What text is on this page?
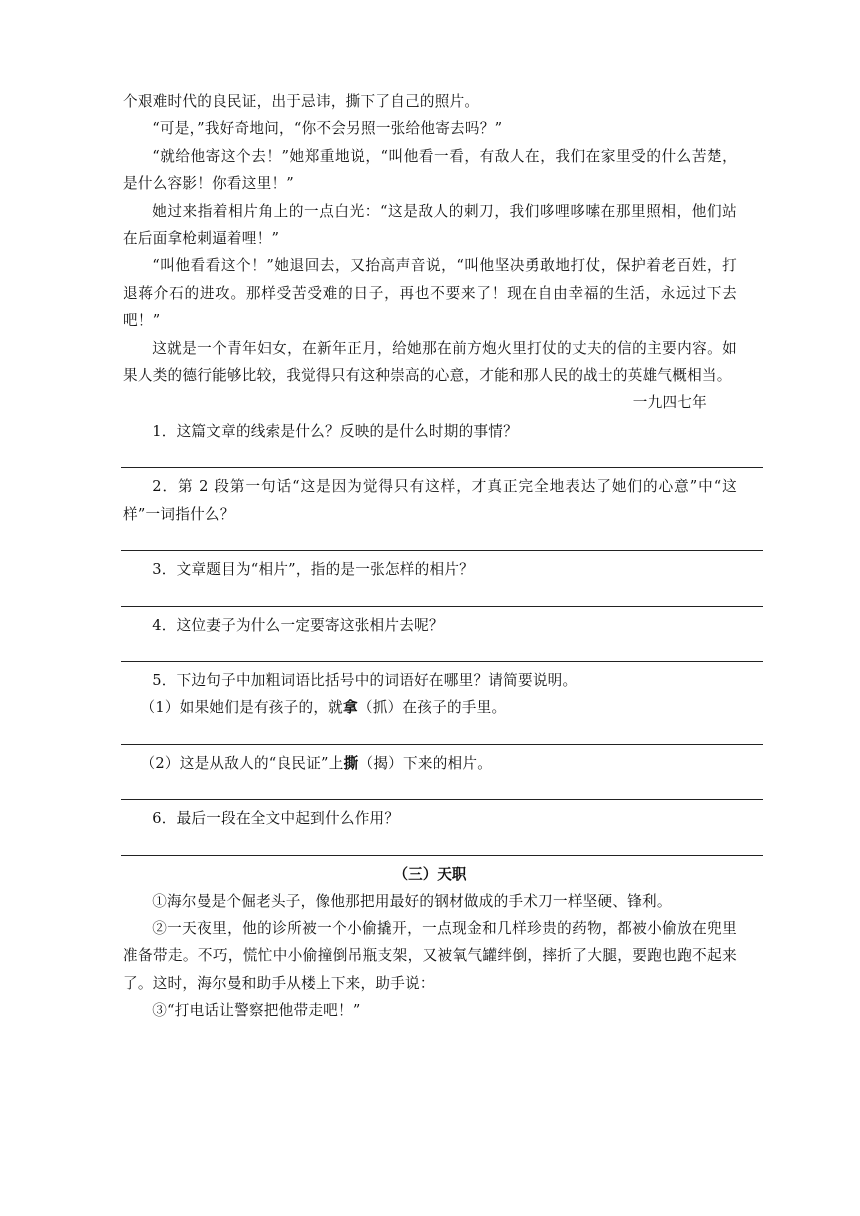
个艰难时代的良民证，出于忌讳，撕下了自己的照片。

“可是，”我好奇地问，“你不会另照一张给他寄去吗？”

“就给他寄这个去！”她郑重地说，“叫他看一看，有敌人在，我们在家里受的什么苦楚，是什么容影！你看这里！”

她过来指着相片角上的一点白光：“这是敌人的刺刀，我们哆哩哆嗦在那里照相，他们站在后面拿枪刺逼着哩！”

“叫他看看这个！”她退回去，又抬高声音说，“叫他坚决勇敢地打仗，保护着老百姓，打退蒋介石的进攻。那样受苦受难的日子，再也不要来了！现在自由幸福的生活，永远过下去吧！”

这就是一个青年妇女，在新年正月，给她那在前方炮火里打仗的丈夫的信的主要内容。如果人类的德行能够比较，我觉得只有这种崇高的心意，才能和那人民的战士的英雄气概相当。

一九四七年

1．这篇文章的线索是什么？反映的是什么时期的事情？

2．第 2 段第一句话“这是因为觉得只有这样，才真正完全地表达了她们的心意”中“这样”一词指什么？

3．文章题目为“相片”，指的是一张怎样的相片？

4．这位妻子为什么一定要寄这张相片去呢？

5．下边句子中加粗词语比括号中的词语好在哪里？请简要说明。

（1）如果她们是有孩子的，就拿（抓）在孩子的手里。

（2）这是从敌人的“良民证”上撕（揭）下来的相片。

6．最后一段在全文中起到什么作用？

（三）天职

①海尔曼是个倔老头子，像他那把用最好的钢材做成的手术刀一样坚硬、锋利。

②一天夜里，他的诊所被一个小偷撬开，一点现金和几样珍贵的药物，都被小偷放在兜里准备带走。不巧，慌忙中小偷撞倒吊瓶支架，又被氧气罐绊倒，摔折了大腿，要跑也跑不起来了。这时，海尔曼和助手从楼上下来，助手说：

③“打电话让警察把他带走吧！”
